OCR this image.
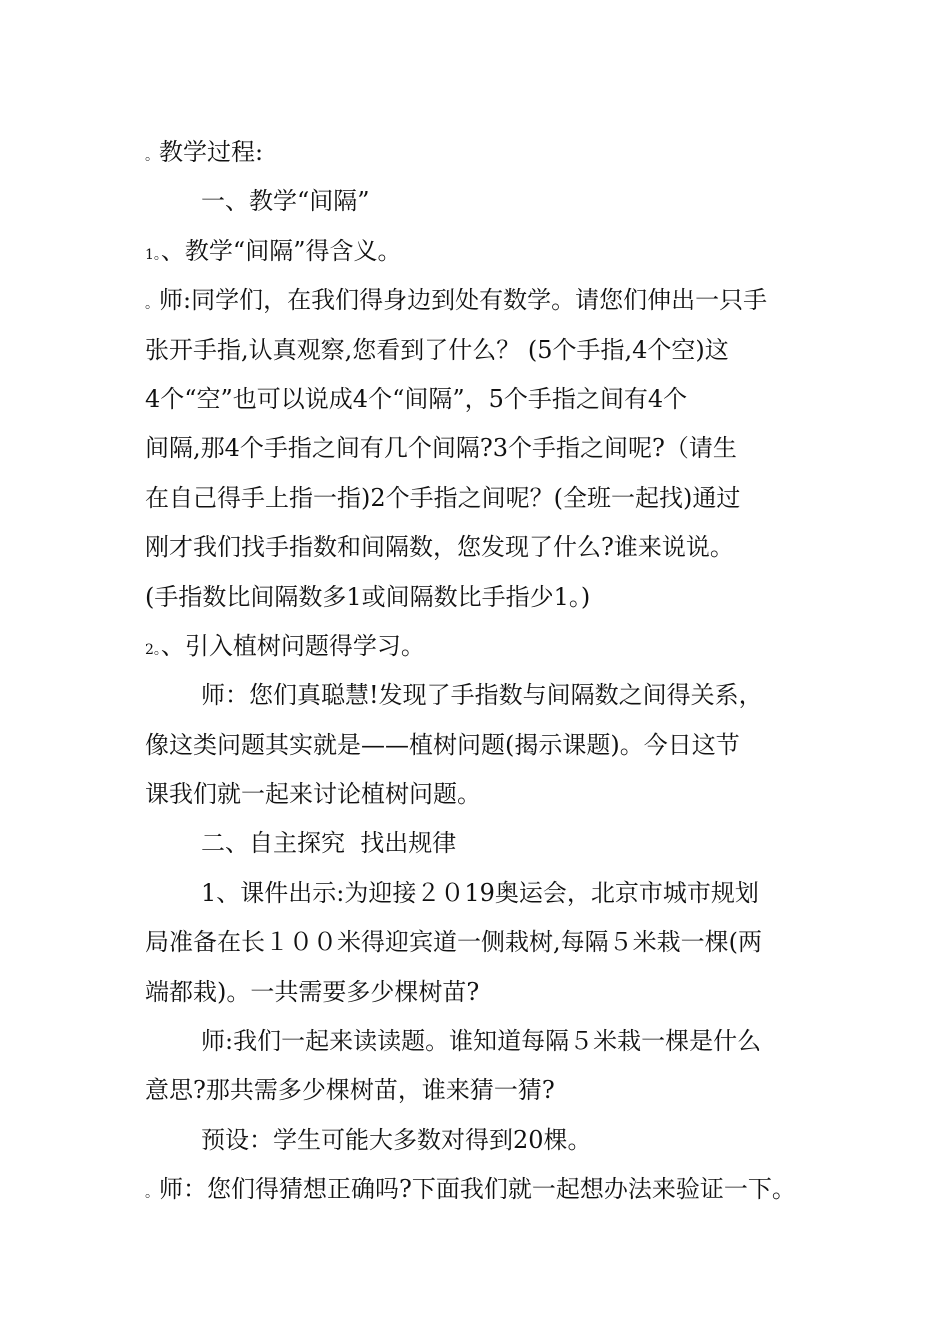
。教学过程:
一、教学“间隔”
1。、教学“间隔”得含义。
。师:同学们，在我们得身边到处有数学。请您们伸出一只手
张开手指,认真观察,您看到了什么？ (5个手指,4个空)这
4个“空”也可以说成4个“间隔”，5个手指之间有4个
间隔,那4个手指之间有几个间隔?3个手指之间呢?（请生
在自己得手上指一指)2个手指之间呢？(全班一起找)通过
刚才我们找手指数和间隔数，您发现了什么?谁来说说。
(手指数比间隔数多1或间隔数比手指少1。)
2。、引入植树问题得学习。
师：您们真聪慧!发现了手指数与间隔数之间得关系，
像这类问题其实就是——植树问题(揭示课题)。今日这节
课我们就一起来讨论植树问题。
二、自主探究  找出规律
1、课件出示:为迎接２０19奥运会，北京市城市规划
局准备在长１００米得迎宾道一侧栽树,每隔５米栽一棵(两
端都栽)。一共需要多少棵树苗?
师:我们一起来读读题。谁知道每隔５米栽一棵是什么
意思?那共需多少棵树苗，谁来猜一猜?
预设：学生可能大多数对得到20棵。
。师：您们得猜想正确吗?下面我们就一起想办法来验证一下。
